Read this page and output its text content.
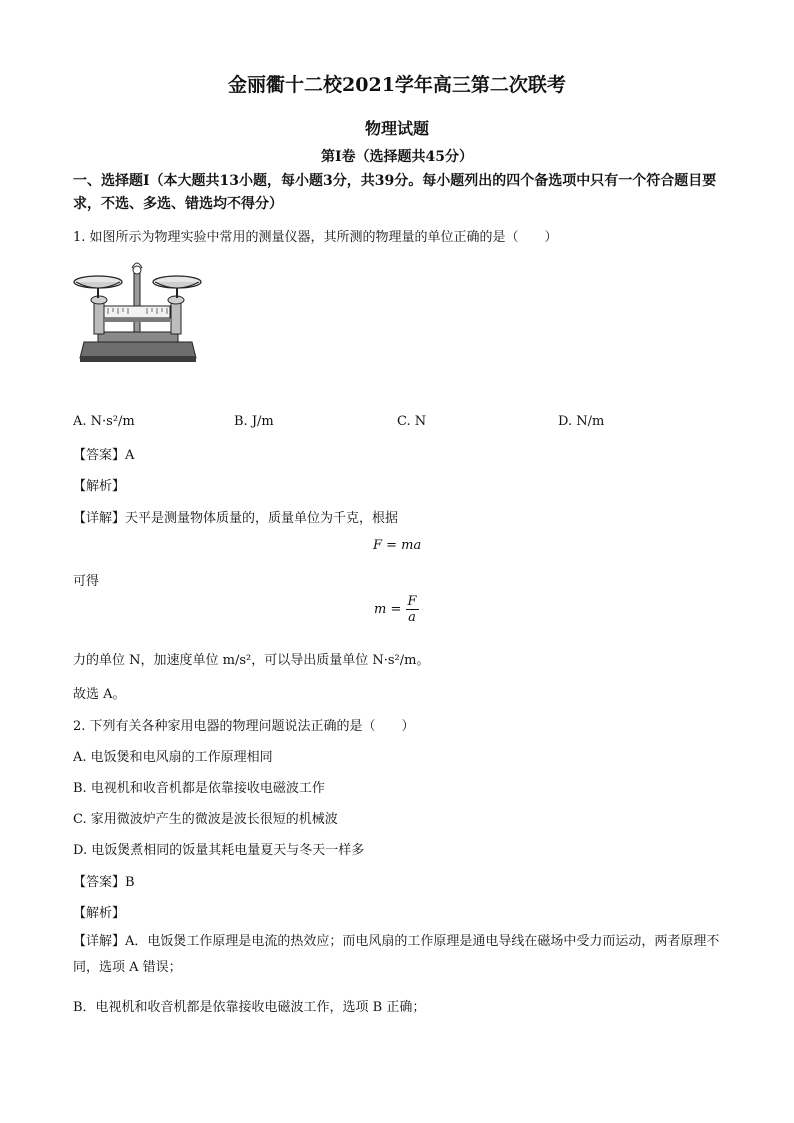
金丽衢十二校2021学年高三第二次联考
物理试题
第Ⅰ卷（选择题共45分）
一、选择题Ⅰ（本大题共13小题，每小题3分，共39分。每小题列出的四个备选项中只有一个符合题目要求，不选、多选、错选均不得分）
1. 如图所示为物理实验中常用的测量仪器，其所测的物理量的单位正确的是（　　）
A. N·s²/m	B. J/m	C. N	D. N/m
【答案】A
【解析】
【详解】天平是测量物体质量的，质量单位为千克，根据
F = ma
可得
$m = \frac{F}{a}$
力的单位 N，加速度单位 m/s²，可以导出质量单位 N·s²/m。
故选 A。
2. 下列有关各种家用电器的物理问题说法正确的是（　　）
A. 电饭煲和电风扇的工作原理相同
B. 电视机和收音机都是依靠接收电磁波工作
C. 家用微波炉产生的微波是波长很短的机械波
D. 电饭煲煮相同的饭量其耗电量夏天与冬天一样多
【答案】B
【解析】
【详解】A．电饭煲工作原理是电流的热效应；而电风扇的工作原理是通电导线在磁场中受力而运动，两者原理不同，选项 A 错误；
B．电视机和收音机都是依靠接收电磁波工作，选项 B 正确；
